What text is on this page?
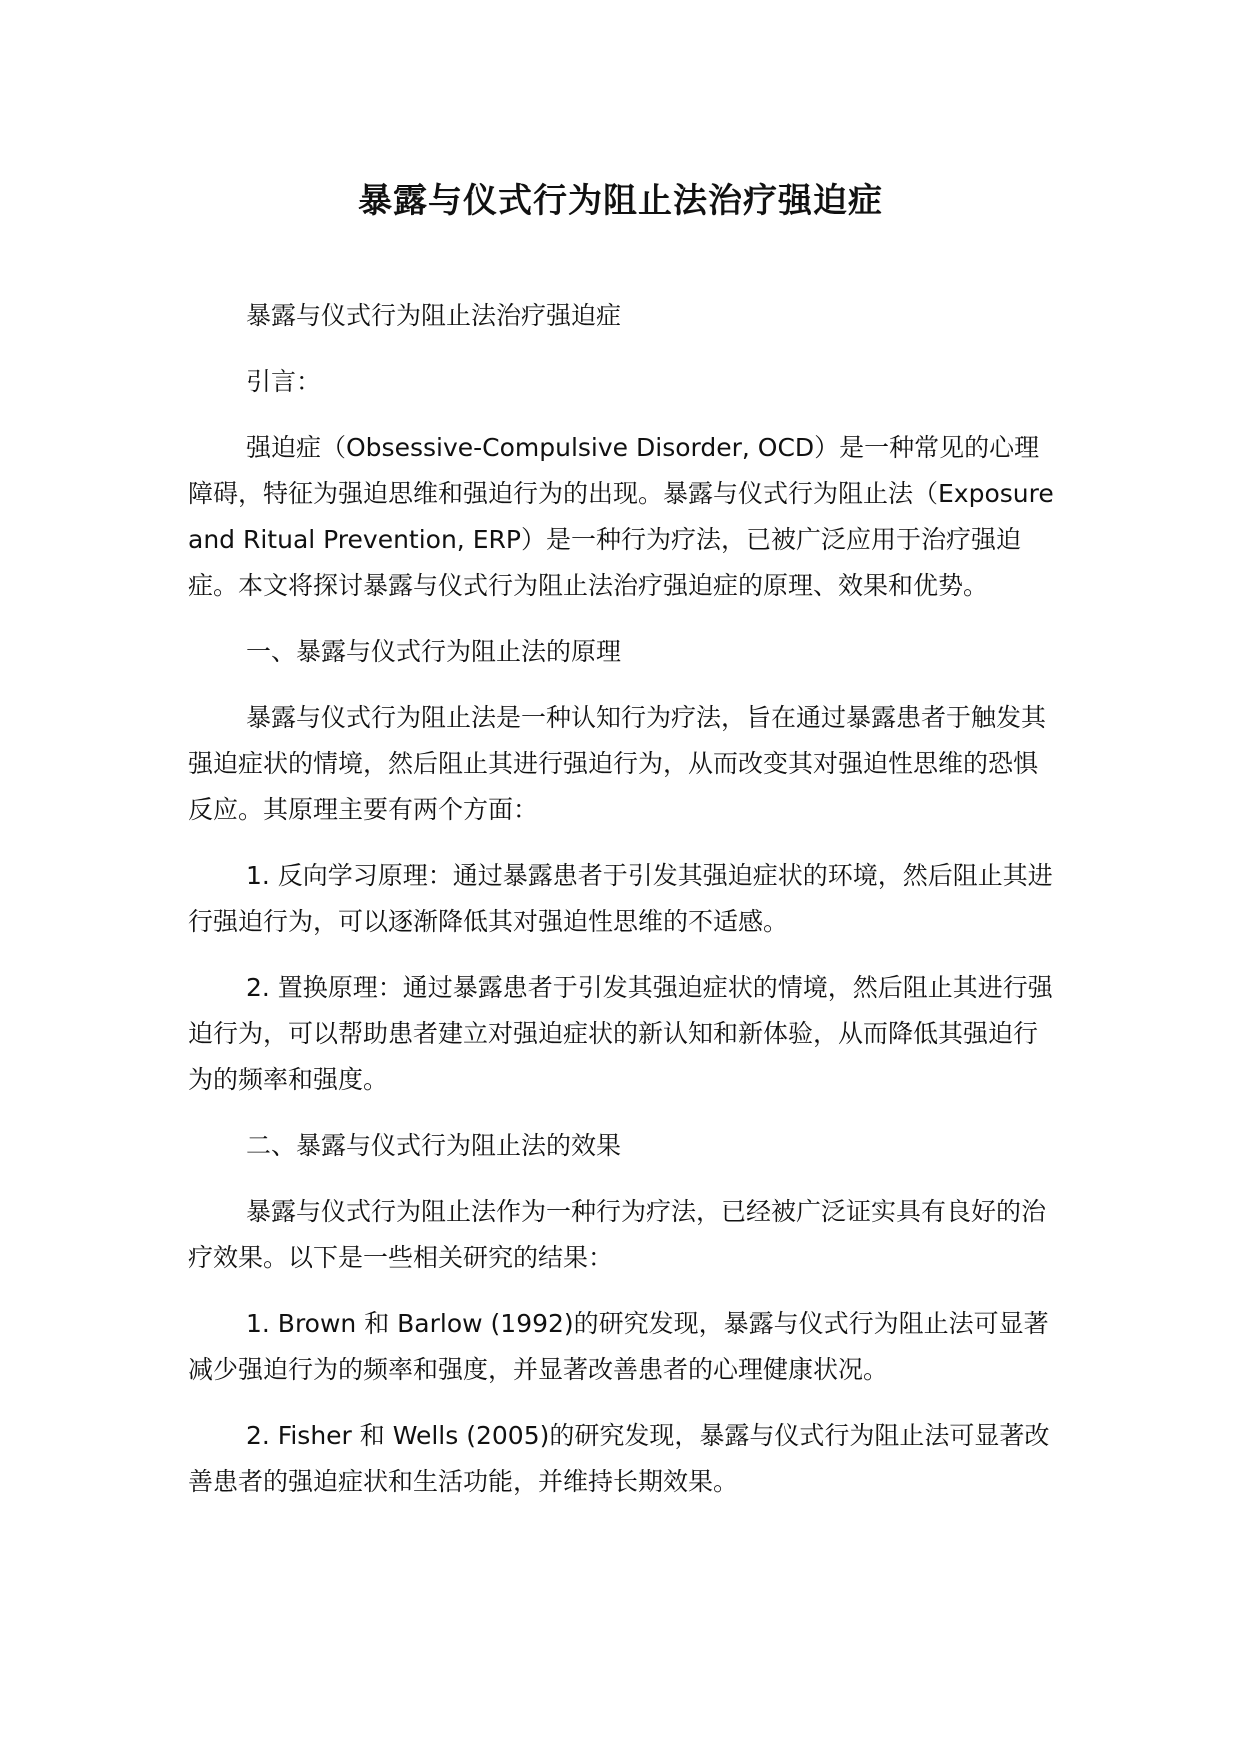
暴露与仪式行为阻止法治疗强迫症

暴露与仪式行为阻止法治疗强迫症

引言：

强迫症（Obsessive-Compulsive Disorder, OCD）是一种常见的心理障碍，特征为强迫思维和强迫行为的出现。暴露与仪式行为阻止法（Exposure and Ritual Prevention, ERP）是一种行为疗法，已被广泛应用于治疗强迫症。本文将探讨暴露与仪式行为阻止法治疗强迫症的原理、效果和优势。

一、暴露与仪式行为阻止法的原理

暴露与仪式行为阻止法是一种认知行为疗法，旨在通过暴露患者于触发其强迫症状的情境，然后阻止其进行强迫行为，从而改变其对强迫性思维的恐惧反应。其原理主要有两个方面：

1. 反向学习原理：通过暴露患者于引发其强迫症状的环境，然后阻止其进行强迫行为，可以逐渐降低其对强迫性思维的不适感。

2. 置换原理：通过暴露患者于引发其强迫症状的情境，然后阻止其进行强迫行为，可以帮助患者建立对强迫症状的新认知和新体验，从而降低其强迫行为的频率和强度。

二、暴露与仪式行为阻止法的效果

暴露与仪式行为阻止法作为一种行为疗法，已经被广泛证实具有良好的治疗效果。以下是一些相关研究的结果：

1. Brown 和 Barlow (1992)的研究发现，暴露与仪式行为阻止法可显著减少强迫行为的频率和强度，并显著改善患者的心理健康状况。

2. Fisher 和 Wells (2005)的研究发现，暴露与仪式行为阻止法可显著改善患者的强迫症状和生活功能，并维持长期效果。
